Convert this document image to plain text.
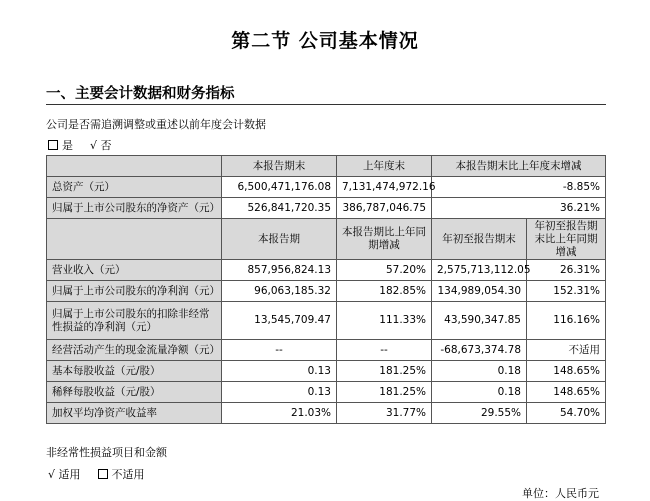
第二节 公司基本情况
一、主要会计数据和财务指标
公司是否需追溯调整或重述以前年度会计数据
是 √ 否
	本报告期末	上年度末	本报告期末比上年度末增减	
总资产（元）	6,500,471,176.08	7,131,474,972.16	-8.85%	
归属于上市公司股东的净资产（元）	526,841,720.35	386,787,046.75	36.21%	
	本报告期	本报告期比上年同期增减	年初至报告期末	年初至报告期末比上年同期增减
营业收入（元）	857,956,824.13	57.20%	2,575,713,112.05	26.31%
归属于上市公司股东的净利润（元）	96,063,185.32	182.85%	134,989,054.30	152.31%
归属于上市公司股东的扣除非经常性损益的净利润（元）	13,545,709.47	111.33%	43,590,347.85	116.16%
经营活动产生的现金流量净额（元）	--	--	-68,673,374.78	不适用
基本每股收益（元/股）	0.13	181.25%	0.18	148.65%
稀释每股收益（元/股）	0.13	181.25%	0.18	148.65%
加权平均净资产收益率	21.03%	31.77%	29.55%	54.70%
非经常性损益项目和金额
√ 适用	不适用
单位：人民币元
